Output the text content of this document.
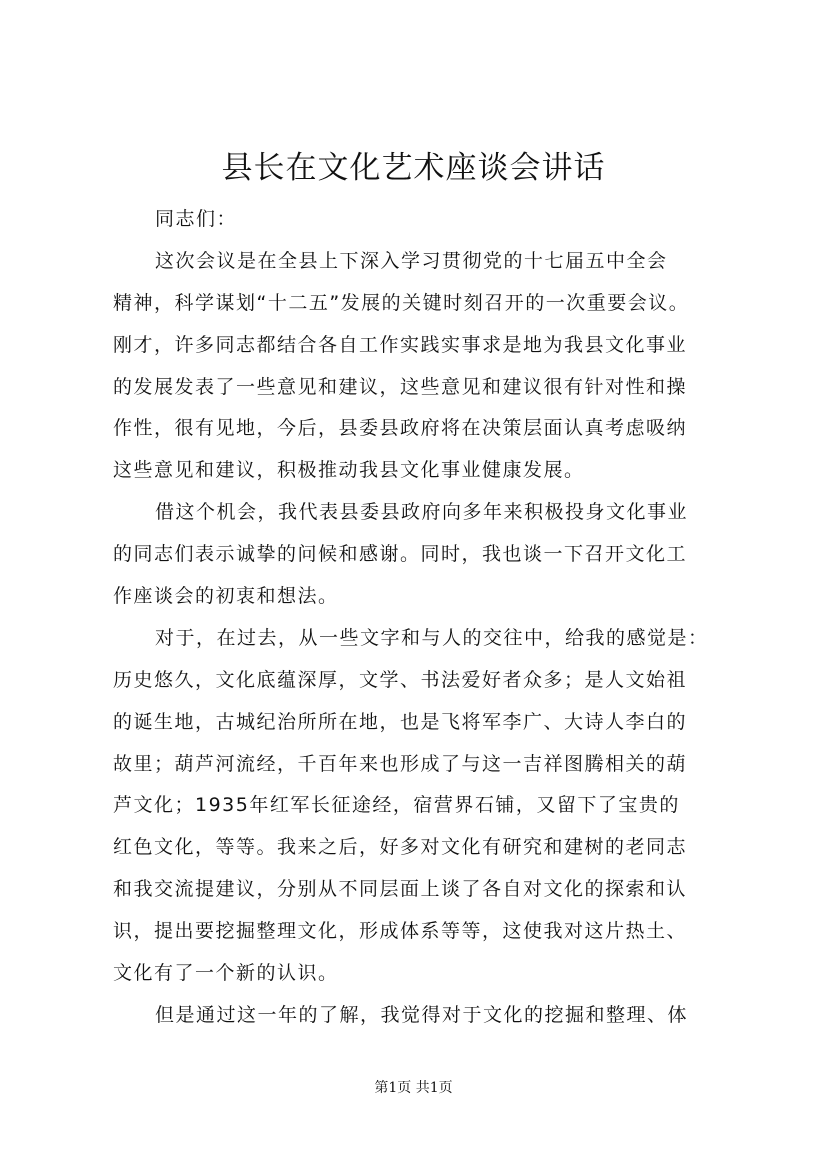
县长在文化艺术座谈会讲话
同志们：
这次会议是在全县上下深入学习贯彻党的十七届五中全会
精神，科学谋划“十二五”发展的关键时刻召开的一次重要会议。
刚才，许多同志都结合各自工作实践实事求是地为我县文化事业
的发展发表了一些意见和建议，这些意见和建议很有针对性和操
作性，很有见地，今后，县委县政府将在决策层面认真考虑吸纳
这些意见和建议，积极推动我县文化事业健康发展。
借这个机会，我代表县委县政府向多年来积极投身文化事业
的同志们表示诚挚的问候和感谢。同时，我也谈一下召开文化工
作座谈会的初衷和想法。
对于，在过去，从一些文字和与人的交往中，给我的感觉是：
历史悠久，文化底蕴深厚，文学、书法爱好者众多；是人文始祖
的诞生地，古城纪治所所在地，也是飞将军李广、大诗人李白的
故里；葫芦河流经，千百年来也形成了与这一吉祥图腾相关的葫
芦文化；1935年红军长征途经，宿营界石铺，又留下了宝贵的
红色文化，等等。我来之后，好多对文化有研究和建树的老同志
和我交流提建议，分别从不同层面上谈了各自对文化的探索和认
识，提出要挖掘整理文化，形成体系等等，这使我对这片热土、
文化有了一个新的认识。
但是通过这一年的了解，我觉得对于文化的挖掘和整理、体
第1页 共1页
